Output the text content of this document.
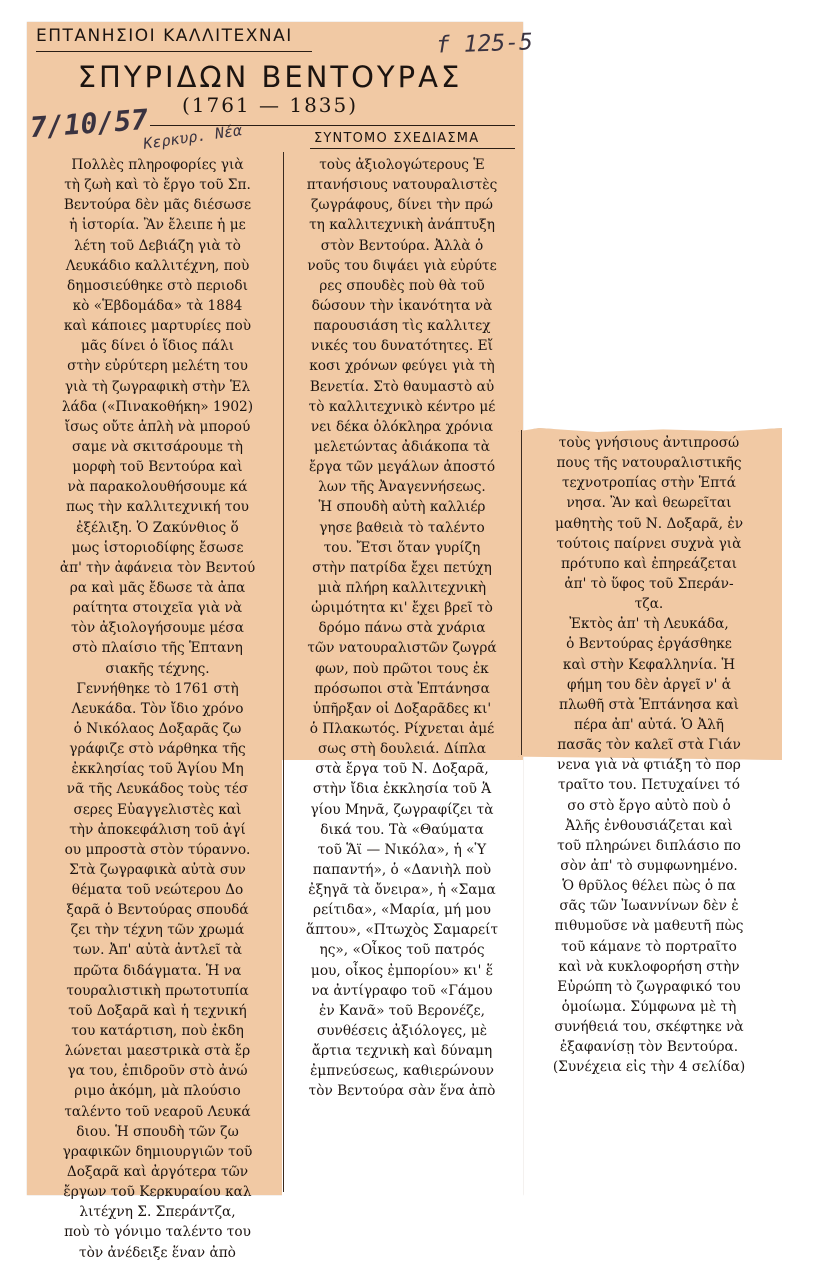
ΕΠΤΑΝΗΣΙΟΙ ΚΑΛΛΙΤΕΧΝΑΙ	f 125-5
7/10/57
Κερκυρ. Νέα
ΣΠΥΡΙΔΩΝ ΒΕΝΤΟΥΡΑΣ
(1761 — 1835)
ΣΥΝΤΟΜΟ ΣΧΕΔΙΑΣΜΑ
Πολλὲς πληροφορίες γιὰ
τὴ ζωὴ καὶ τὸ ἔργο τοῦ Σπ.
Βεντούρα δὲν μᾶς διέσωσε
ἡ ἱστορία. Ἂν ἔλειπε ἡ με
λέτη τοῦ Δεβιάζη γιὰ τὸ
Λευκάδιο καλλιτέχνη, ποὺ
δημοσιεύθηκε στὸ περιοδι
κὸ «Ἑβδομάδα» τὰ 1884
καὶ κάποιες μαρτυρίες ποὺ
μᾶς δίνει ὁ ἴδιος πάλι
στὴν εὐρύτερη μελέτη του
γιὰ τὴ ζωγραφικὴ στὴν Ἑλ
λάδα («Πινακοθήκη» 1902)
ἴσως οὔτε ἁπλὴ νὰ μπορού
σαμε νὰ σκιτσάρουμε τὴ
μορφὴ τοῦ Βεντούρα καὶ
νὰ παρακολουθήσουμε κά
πως τὴν καλλιτεχνική του
ἐξέλιξη. Ὁ Ζακύνθιος ὅ
μως ἱστοριοδίφης ἔσωσε
ἀπ' τὴν ἀφάνεια τὸν Βεντού
ρα καὶ μᾶς ἔδωσε τὰ ἀπα
ραίτητα στοιχεῖα γιὰ νὰ
τὸν ἀξιολογήσουμε μέσα
στὸ πλαίσιο τῆς Ἑπτανη
σιακῆς τέχνης.
Γεννήθηκε τὸ 1761 στὴ
Λευκάδα. Τὸν ἴδιο χρόνο
ὁ Νικόλαος Δοξαρᾶς ζω
γράφιζε στὸ νάρθηκα τῆς
ἐκκλησίας τοῦ Ἁγίου Μη
νᾶ τῆς Λευκάδος τοὺς τέσ
σερες Εὐαγγελιστὲς καὶ
τὴν ἀποκεφάλιση τοῦ ἁγί
ου μπροστὰ στὸν τύραννο.
Στὰ ζωγραφικὰ αὐτὰ συν
θέματα τοῦ νεώτερου Δο
ξαρᾶ ὁ Βεντούρας σπουδά
ζει τὴν τέχνη τῶν χρωμά
των. Ἀπ' αὐτὰ ἀντλεῖ τὰ
πρῶτα διδάγματα. Ἡ να
τουραλιστικὴ πρωτοτυπία
τοῦ Δοξαρᾶ καὶ ἡ τεχνική
του κατάρτιση, ποὺ ἐκδη
λώνεται μαεστρικὰ στὰ ἔρ
γα του, ἐπιδροῦν στὸ ἀνώ
ριμο ἀκόμη, μὰ πλούσιο
ταλέντο τοῦ νεαροῦ Λευκά
διου. Ἡ σπουδὴ τῶν ζω
γραφικῶν δημιουργιῶν τοῦ
Δοξαρᾶ καὶ ἀργότερα τῶν
ἔργων τοῦ Κερκυραίου καλ
λιτέχνη Σ. Σπεράντζα,
ποὺ τὸ γόνιμο ταλέντο του
τὸν ἀνέδειξε ἕναν ἀπὸ
τοὺς ἀξιολογώτερους Ἑ
πτανήσιους νατουραλιστὲς
ζωγράφους, δίνει τὴν πρώ
τη καλλιτεχνικὴ ἀνάπτυξη
στὸν Βεντούρα. Ἀλλὰ ὁ
νοῦς του διψάει γιὰ εὐρύτε
ρες σπουδὲς ποὺ θὰ τοῦ
δώσουν τὴν ἱκανότητα νὰ
παρουσιάση τὶς καλλιτεχ
νικές του δυνατότητες. Εἴ
κοσι χρόνων φεύγει γιὰ τὴ
Βενετία. Στὸ θαυμαστὸ αὐ
τὸ καλλιτεχνικὸ κέντρο μέ
νει δέκα ὁλόκληρα χρόνια
μελετώντας ἀδιάκοπα τὰ
ἔργα τῶν μεγάλων ἀποστό
λων τῆς Ἀναγεννήσεως.
Ἡ σπουδὴ αὐτὴ καλλιέρ
γησε βαθειὰ τὸ ταλέντο
του. Ἔτσι ὅταν γυρίζη
στὴν πατρίδα ἔχει πετύχη
μιὰ πλήρη καλλιτεχνικὴ
ὡριμότητα κι' ἔχει βρεῖ τὸ
δρόμο πάνω στὰ χνάρια
τῶν νατουραλιστῶν ζωγρά
φων, ποὺ πρῶτοι τους ἐκ
πρόσωποι στὰ Ἑπτάνησα
ὑπῆρξαν οἱ Δοξαρᾶδες κι'
ὁ Πλακωτός. Ρίχνεται ἀμέ
σως στὴ δουλειά. Δίπλα
στὰ ἔργα τοῦ Ν. Δοξαρᾶ,
στὴν ἴδια ἐκκλησία τοῦ Ἁ
γίου Μηνᾶ, ζωγραφίζει τὰ
δικά του. Τὰ «Θαύματα
τοῦ Ἅϊ — Νικόλα», ἡ «Ὑ
παπαντή», ὁ «Δανιὴλ ποὺ
ἐξηγᾶ τὰ ὄνειρα», ἡ «Σαμα
ρείτιδα», «Μαρία, μή μου
ἅπτου», «Πτωχὸς Σαμαρείτ
ης», «Οἶκος τοῦ πατρός
μου, οἶκος ἐμπορίου» κι' ἕ
να ἀντίγραφο τοῦ «Γάμου
ἐν Κανᾶ» τοῦ Βερονέζε,
συνθέσεις ἀξιόλογες, μὲ
ἄρτια τεχνικὴ καὶ δύναμη
ἐμπνεύσεως, καθιερώνουν
τὸν Βεντούρα σὰν ἕνα ἀπὸ
τοὺς γνήσιους ἀντιπροσώ
πους τῆς νατουραλιστικῆς
τεχνοτροπίας στὴν Ἑπτά
νησα. Ἂν καὶ θεωρεῖται
μαθητὴς τοῦ Ν. Δοξαρᾶ, ἐν
τούτοις παίρνει συχνὰ γιὰ
πρότυπο καὶ ἐπηρεάζεται
ἀπ' τὸ ὕφος τοῦ Σπεράν-
τζα.
Ἐκτὸς ἀπ' τὴ Λευκάδα,
ὁ Βεντούρας ἐργάσθηκε
καὶ στὴν Κεφαλληνία. Ἡ
φήμη του δὲν ἀργεῖ ν' ἁ
πλωθῆ στὰ Ἑπτάνησα καὶ
πέρα ἀπ' αὐτά. Ὁ Ἀλῆ
πασᾶς τὸν καλεῖ στὰ Γιάν
νενα γιὰ νὰ φτιάξη τὸ πορ
τραῖτο του. Πετυχαίνει τό
σο στὸ ἔργο αὐτὸ ποὺ ὁ
Ἀλῆς ἐνθουσιάζεται καὶ
τοῦ πληρώνει διπλάσιο πο
σὸν ἀπ' τὸ συμφωνημένο.
Ὁ θρῦλος θέλει πὼς ὁ πα
σᾶς τῶν Ἰωαννίνων δὲν ἐ
πιθυμοῦσε νὰ μαθευτῆ πὼς
τοῦ κάμανε τὸ πορτραῖτο
καὶ νὰ κυκλοφορήση στὴν
Εὐρώπη τὸ ζωγραφικό του
ὁμοίωμα. Σύμφωνα μὲ τὴ
συνήθειά του, σκέφτηκε νὰ
ἐξαφανίσῃ τὸν Βεντούρα.
(Συνέχεια εἰς τὴν 4 σελίδα)
